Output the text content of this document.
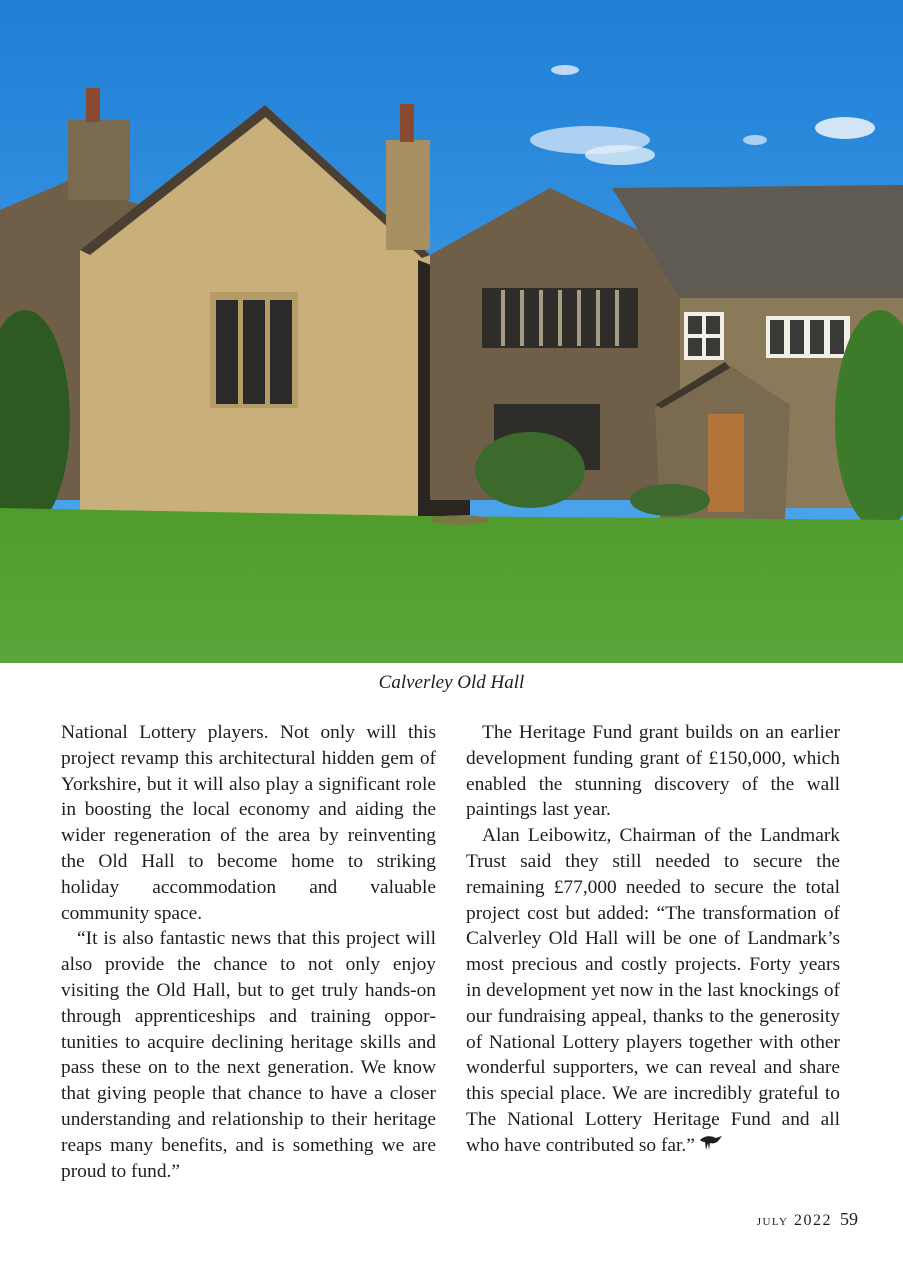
Calverley Old Hall

National Lottery players. Not only will this project revamp this architectural hidden gem of Yorkshire, but it will also play a significant role in boosting the local economy and aiding the wider regeneration of the area by reinventing the Old Hall to become home to striking holiday accommodation and valuable community space.

“It is also fantastic news that this project will also provide the chance to not only enjoy visiting the Old Hall, but to get truly hands-on through apprenticeships and training opportunities to acquire declining heritage skills and pass these on to the next generation. We know that giving people that chance to have a closer understanding and relationship to their heritage reaps many benefits, and is something we are proud to fund.”

The Heritage Fund grant builds on an earlier development funding grant of £150,000, which enabled the stunning discovery of the wall paintings last year.

Alan Leibowitz, Chairman of the Landmark Trust said they still needed to secure the remaining £77,000 needed to secure the total project cost but added: “The transformation of Calverley Old Hall will be one of Landmark’s most precious and costly projects. Forty years in development yet now in the last knockings of our fundraising appeal, thanks to the generosity of National Lottery players together with other wonderful supporters, we can reveal and share this special place. We are incredibly grateful to The National Lottery Heritage Fund and all who have contributed so far.”

july 2022 59
